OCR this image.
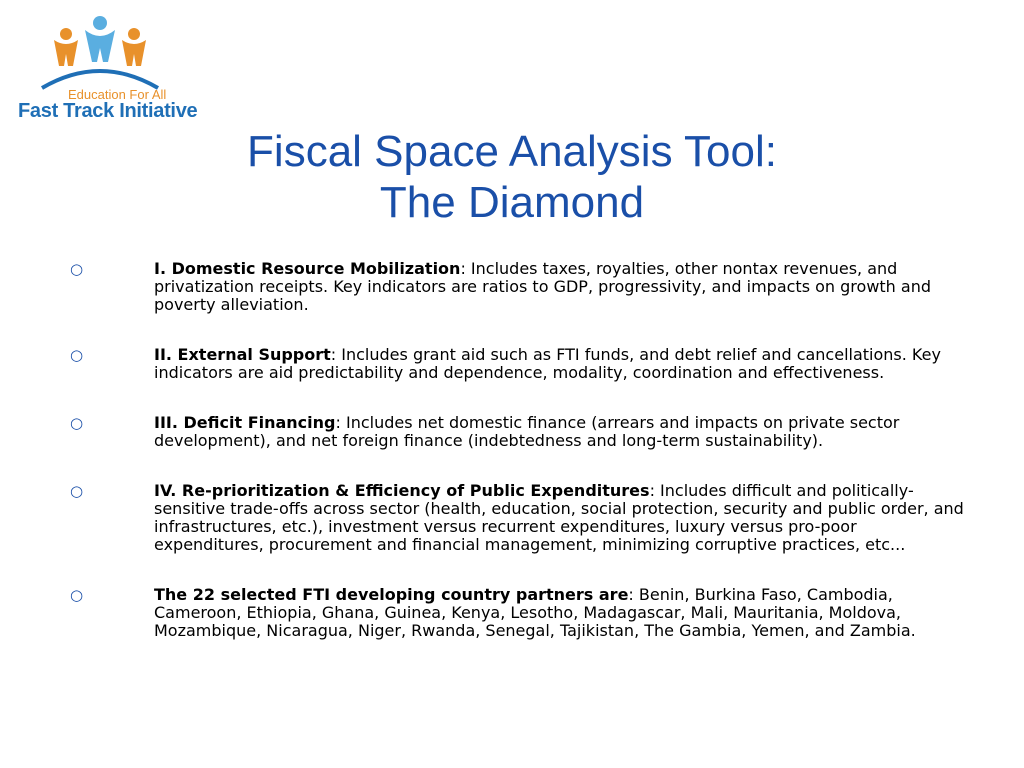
Education For All
Fast Track Initiative
Fiscal Space Analysis Tool:
The Diamond
○	I. Domestic Resource Mobilization: Includes taxes, royalties, other nontax revenues, and privatization receipts. Key indicators are ratios to GDP, progressivity, and impacts on growth and poverty alleviation.
○	II. External Support: Includes grant aid such as FTI funds, and debt relief and cancellations. Key indicators are aid predictability and dependence, modality, coordination and effectiveness.
○	III. Deficit Financing: Includes net domestic finance (arrears and impacts on private sector development), and net foreign finance (indebtedness and long-term sustainability).
○	IV. Re-prioritization & Efficiency of Public Expenditures: Includes difficult and politically-sensitive trade-offs across sector (health, education, social protection, security and public order, and infrastructures, etc.), investment versus recurrent expenditures, luxury versus pro-poor expenditures, procurement and financial management, minimizing corruptive practices, etc...
○	The 22 selected FTI developing country partners are: Benin, Burkina Faso, Cambodia, Cameroon, Ethiopia, Ghana, Guinea, Kenya, Lesotho, Madagascar, Mali, Mauritania, Moldova, Mozambique, Nicaragua, Niger, Rwanda, Senegal, Tajikistan, The Gambia, Yemen, and Zambia.
